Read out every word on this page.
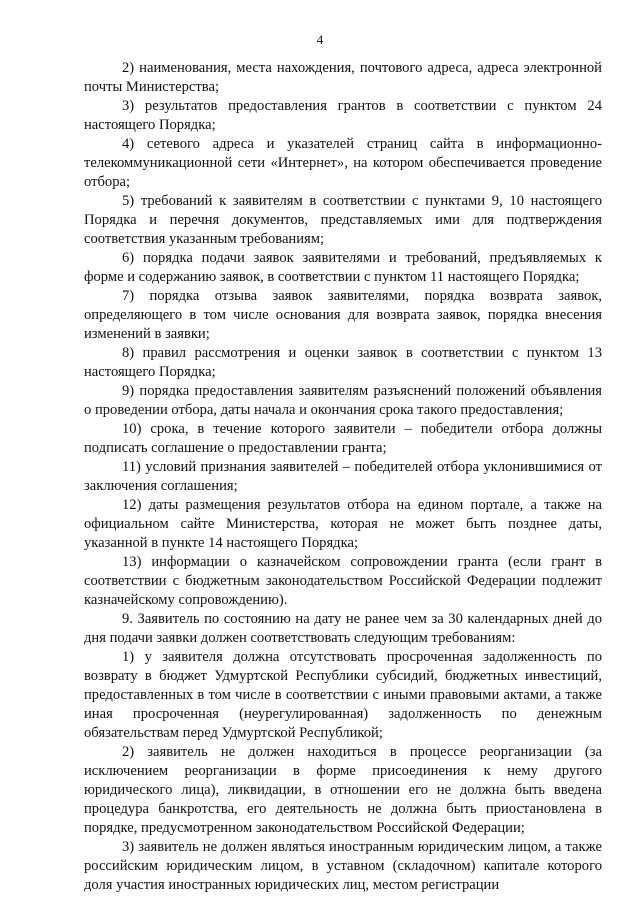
4

2) наименования, места нахождения, почтового адреса, адреса электронной почты Министерства;

3) результатов предоставления грантов в соответствии с пунктом 24 настоящего Порядка;

4) сетевого адреса и указателей страниц сайта в информационно-телекоммуникационной сети «Интернет», на котором обеспечивается проведение отбора;

5) требований к заявителям в соответствии с пунктами 9, 10 настоящего Порядка и перечня документов, представляемых ими для подтверждения соответствия указанным требованиям;

6) порядка подачи заявок заявителями и требований, предъявляемых к форме и содержанию заявок, в соответствии с пунктом 11 настоящего Порядка;

7) порядка отзыва заявок заявителями, порядка возврата заявок, определяющего в том числе основания для возврата заявок, порядка внесения изменений в заявки;

8) правил рассмотрения и оценки заявок в соответствии с пунктом 13 настоящего Порядка;

9) порядка предоставления заявителям разъяснений положений объявления о проведении отбора, даты начала и окончания срока такого предоставления;

10) срока, в течение которого заявители – победители отбора должны подписать соглашение о предоставлении гранта;

11) условий признания заявителей – победителей отбора уклонившимися от заключения соглашения;

12) даты размещения результатов отбора на едином портале, а также на официальном сайте Министерства, которая не может быть позднее даты, указанной в пункте 14 настоящего Порядка;

13) информации о казначейском сопровождении гранта (если грант в соответствии с бюджетным законодательством Российской Федерации подлежит казначейскому сопровождению).

9. Заявитель по состоянию на дату не ранее чем за 30 календарных дней до дня подачи заявки должен соответствовать следующим требованиям:

1) у заявителя должна отсутствовать просроченная задолженность по возврату в бюджет Удмуртской Республики субсидий, бюджетных инвестиций, предоставленных в том числе в соответствии с иными правовыми актами, а также иная просроченная (неурегулированная) задолженность по денежным обязательствам перед Удмуртской Республикой;

2) заявитель не должен находиться в процессе реорганизации (за исключением реорганизации в форме присоединения к нему другого юридического лица), ликвидации, в отношении его не должна быть введена процедура банкротства, его деятельность не должна быть приостановлена в порядке, предусмотренном законодательством Российской Федерации;

3) заявитель не должен являться иностранным юридическим лицом, а также российским юридическим лицом, в уставном (складочном) капитале которого доля участия иностранных юридических лиц, местом регистрации
